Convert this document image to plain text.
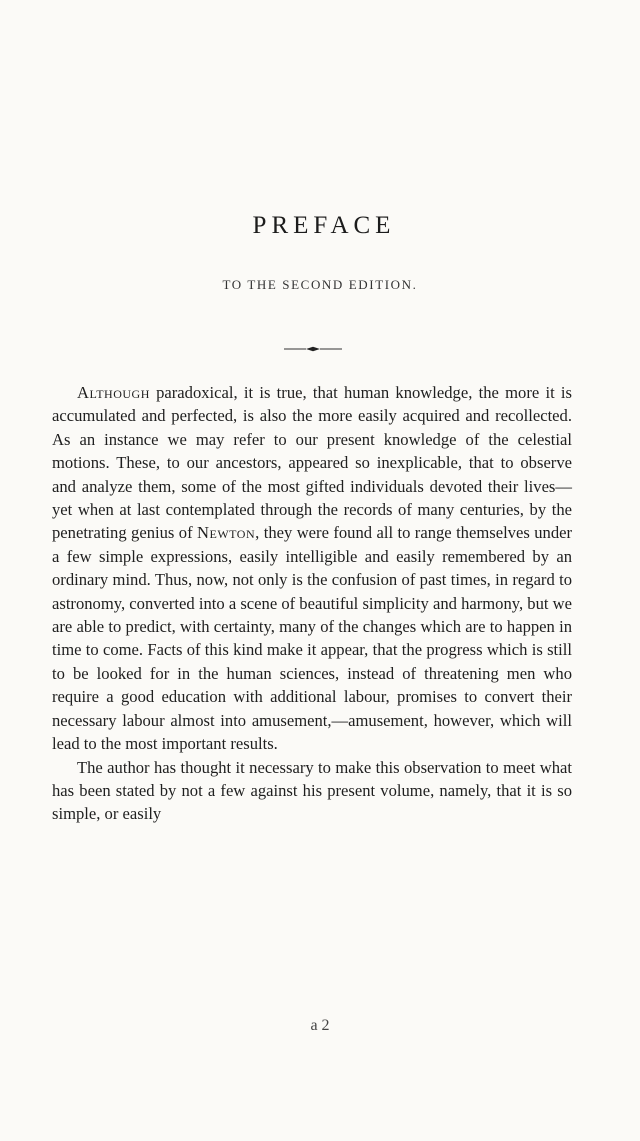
PREFACE
TO THE SECOND EDITION.

Although paradoxical, it is true, that human knowledge, the more it is accumulated and perfected, is also the more easily acquired and recollected. As an instance we may refer to our present knowledge of the celestial motions. These, to our ancestors, appeared so inexplicable, that to observe and analyze them, some of the most gifted individuals devoted their lives—yet when at last contemplated through the records of many centuries, by the penetrating genius of Newton, they were found all to range themselves under a few simple expressions, easily intelligible and easily remembered by an ordinary mind. Thus, now, not only is the confusion of past times, in regard to astronomy, converted into a scene of beautiful simplicity and harmony, but we are able to predict, with certainty, many of the changes which are to happen in time to come. Facts of this kind make it appear, that the progress which is still to be looked for in the human sciences, instead of threatening men who require a good education with additional labour, promises to convert their necessary labour almost into amusement,—amusement, however, which will lead to the most important results.

The author has thought it necessary to make this observation to meet what has been stated by not a few against his present volume, namely, that it is so simple, or easily

a 2
